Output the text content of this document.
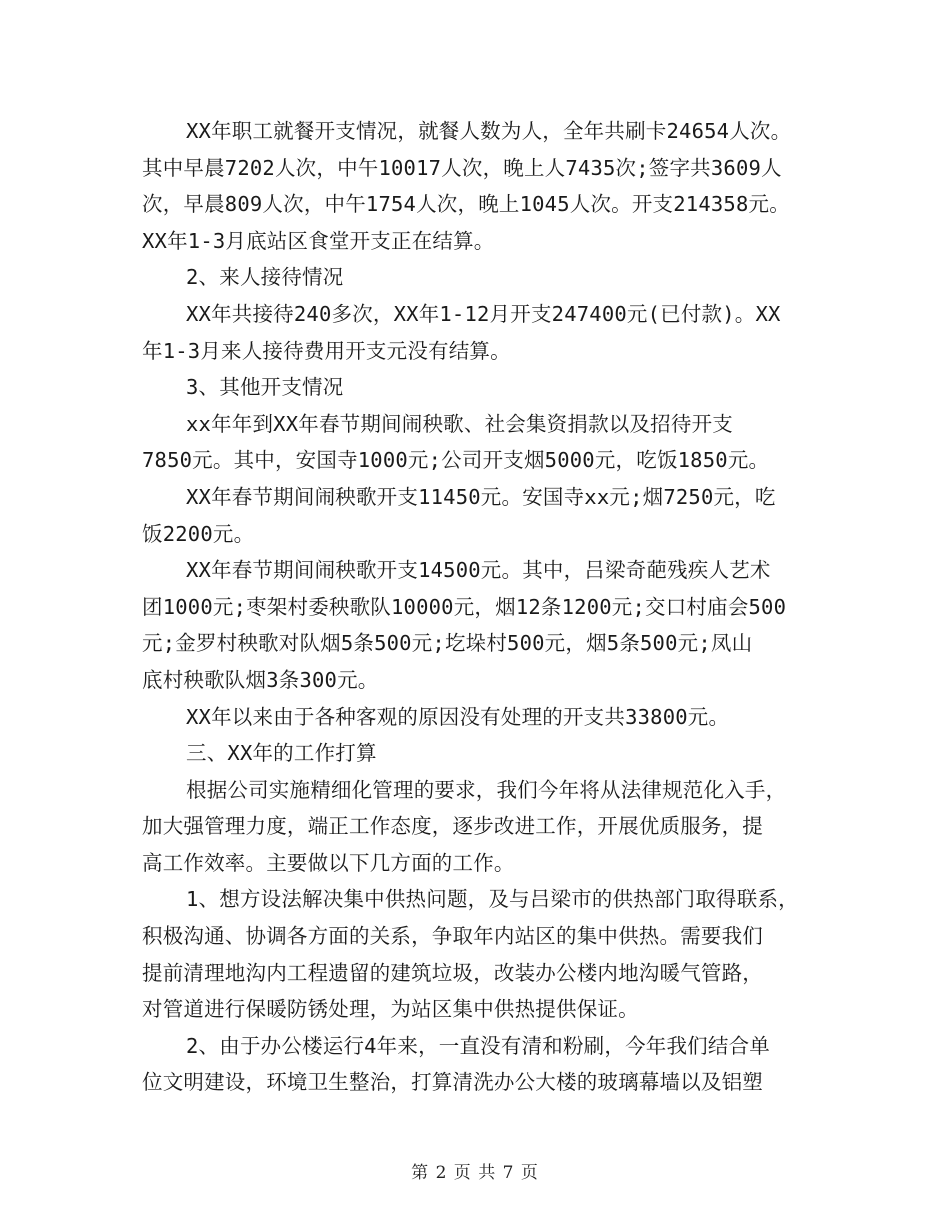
XX年职工就餐开支情况，就餐人数为人，全年共刷卡24654人次。
其中早晨7202人次，中午10017人次，晚上人7435次;签字共3609人
次，早晨809人次，中午1754人次，晚上1045人次。开支214358元。
XX年1-3月底站区食堂开支正在结算。
2、来人接待情况
XX年共接待240多次，XX年1-12月开支247400元(已付款)。XX
年1-3月来人接待费用开支元没有结算。
3、其他开支情况
xx年年到XX年春节期间闹秧歌、社会集资捐款以及招待开支
7850元。其中，安国寺1000元;公司开支烟5000元，吃饭1850元。
XX年春节期间闹秧歌开支11450元。安国寺xx元;烟7250元，吃
饭2200元。
XX年春节期间闹秧歌开支14500元。其中，吕梁奇葩残疾人艺术
团1000元;枣架村委秧歌队10000元，烟12条1200元;交口村庙会500
元;金罗村秧歌对队烟5条500元;圪垛村500元，烟5条500元;凤山
底村秧歌队烟3条300元。
XX年以来由于各种客观的原因没有处理的开支共33800元。
三、XX年的工作打算
根据公司实施精细化管理的要求，我们今年将从法律规范化入手，
加大强管理力度，端正工作态度，逐步改进工作，开展优质服务，提
高工作效率。主要做以下几方面的工作。
1、想方设法解决集中供热问题，及与吕梁市的供热部门取得联系，
积极沟通、协调各方面的关系，争取年内站区的集中供热。需要我们
提前清理地沟内工程遗留的建筑垃圾，改装办公楼内地沟暖气管路，
对管道进行保暖防锈处理，为站区集中供热提供保证。
2、由于办公楼运行4年来，一直没有清和粉刷，今年我们结合单
位文明建设，环境卫生整治，打算清洗办公大楼的玻璃幕墙以及铝塑
第 2 页 共 7 页
